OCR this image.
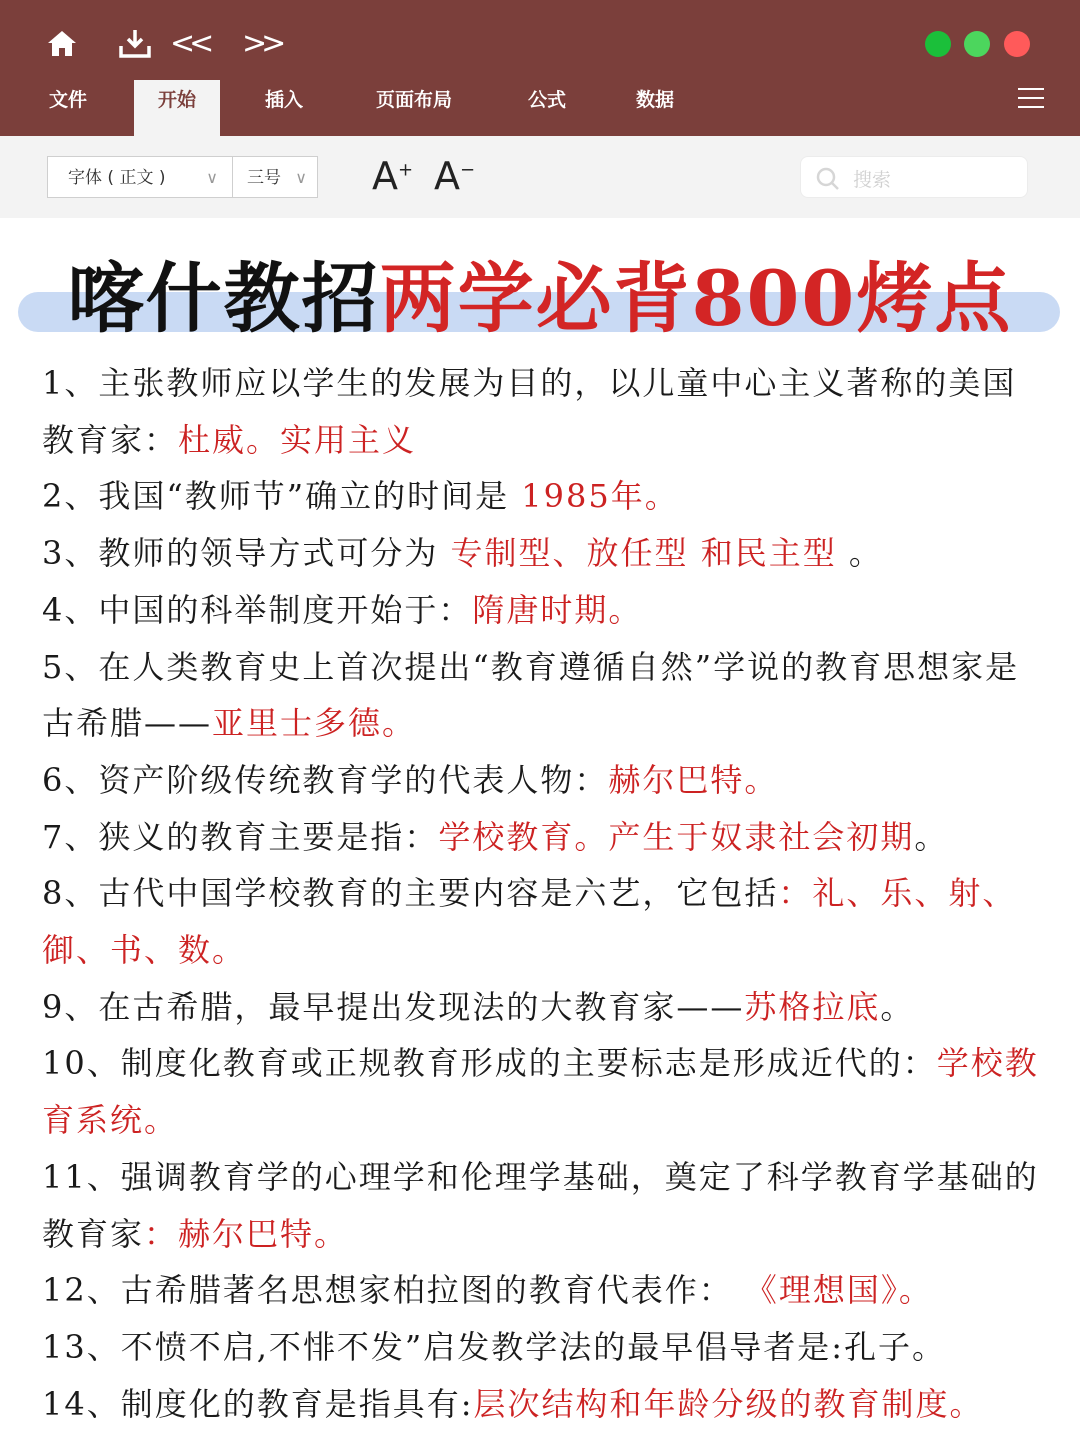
<< >>
文件	开始	插入	页面布局	公式	数据
字体 ( 正文 )	∨ 三号 ∨ A+ A−	搜索
喀什教招两学必背800烤点

1、主张教师应以学生的发展为目的，以儿童中心主义著称的美国教育家：杜威。实用主义

2、我国“教师节”确立的时间是 1985年。

3、教师的领导方式可分为 专制型、放任型 和民主型 。

4、中国的科举制度开始于：隋唐时期。

5、在人类教育史上首次提出“教育遵循自然”学说的教育思想家是古希腊——亚里士多德。

6、资产阶级传统教育学的代表人物：赫尔巴特。

7、狭义的教育主要是指：学校教育。产生于奴隶社会初期。

8、古代中国学校教育的主要内容是六艺，它包括：礼、乐、射、御、书、数。

9、在古希腊，最早提出发现法的大教育家——苏格拉底。

10、制度化教育或正规教育形成的主要标志是形成近代的：学校教育系统。

11、强调教育学的心理学和伦理学基础，奠定了科学教育学基础的教育家：赫尔巴特。

12、古希腊著名思想家柏拉图的教育代表作： 《理想国》。

13、不愤不启,不悱不发”启发教学法的最早倡导者是:孔子。

14、制度化的教育是指具有:层次结构和年龄分级的教育制度。
